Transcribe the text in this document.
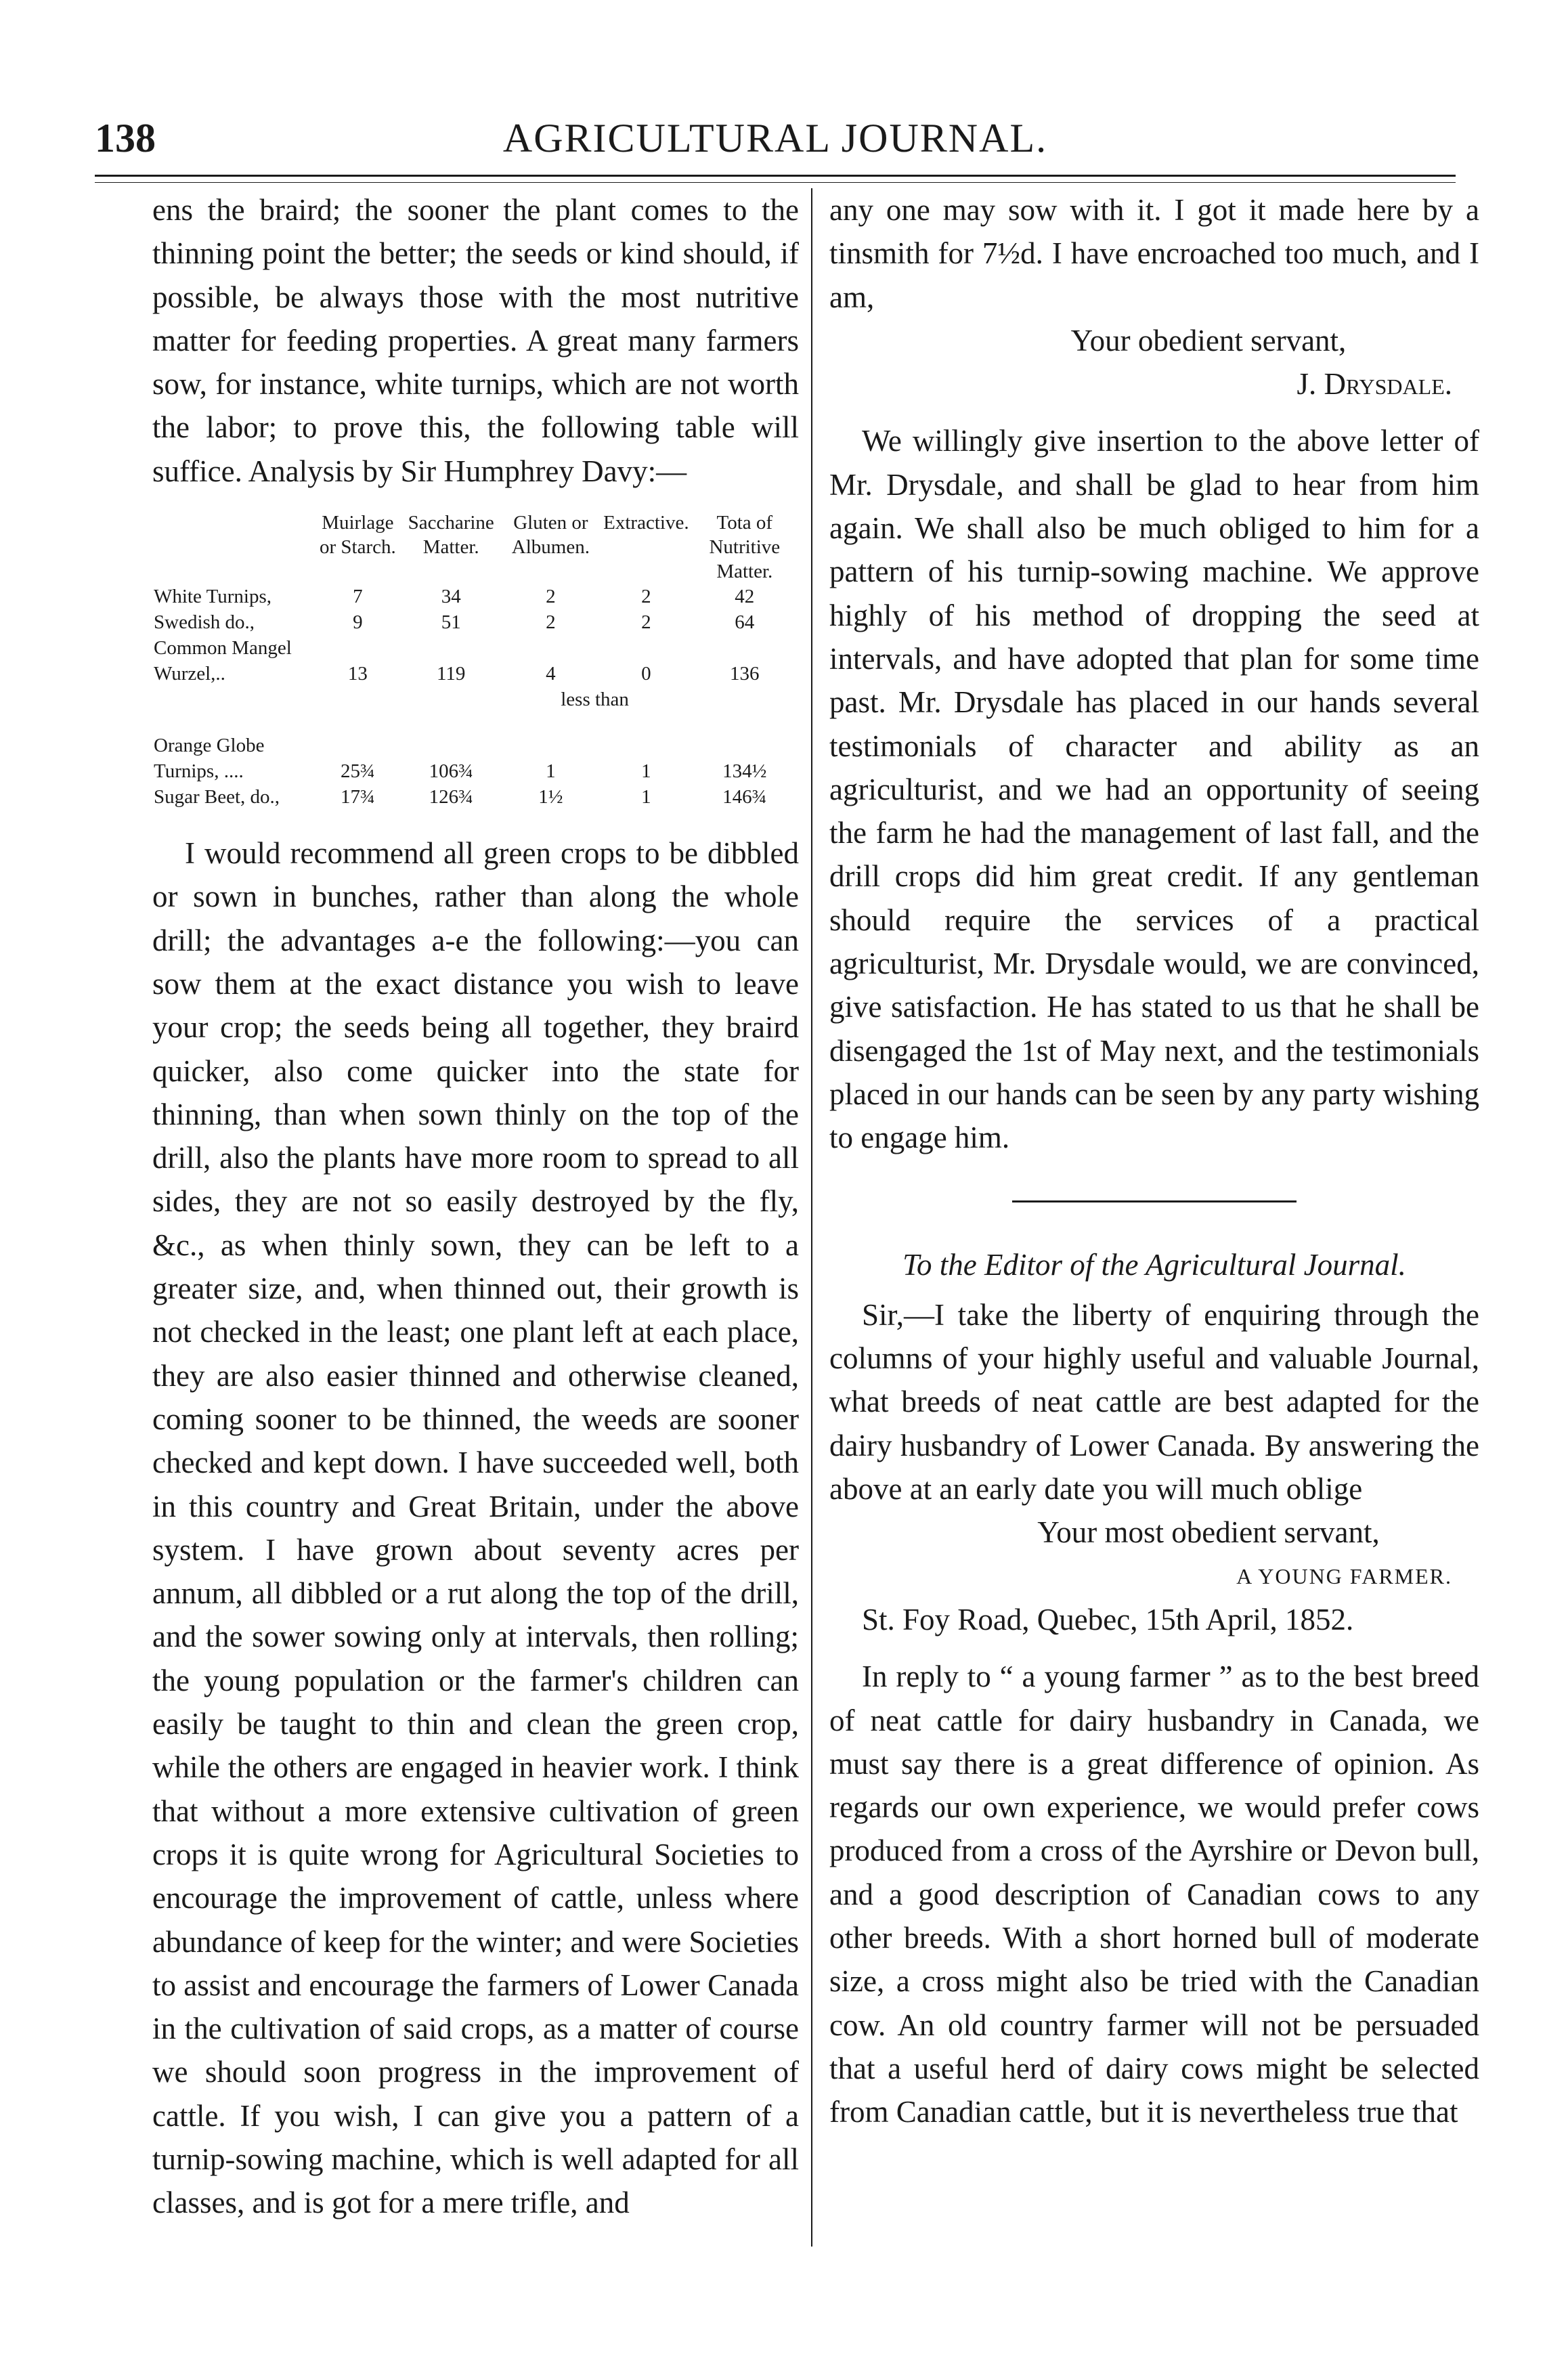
138	AGRICULTURAL JOURNAL.

ens the braird; the sooner the plant comes to the thinning point the better; the seeds or kind should, if possible, be always those with the most nutritive matter for feeding properties. A great many farmers sow, for instance, white turnips, which are not worth the labor; to prove this, the following table will suffice. Analysis by Sir Humphrey Davy:—

	Muirlage or Starch.	Saccharine Matter.	Gluten or Albumen.	Extractive.	Tota of Nutritive Matter.
White Turnips,	7	34	2	2	42
Swedish do.,	9	51	2	2	64
Common Mangel Wurzel,..	13	119	4	0	136
			less than		

Orange Globe Turnips, ....	25¾	106¾	1	1	134½
Sugar Beet, do.,	17¾	126¾	1½	1	146¾

I would recommend all green crops to be dibbled or sown in bunches, rather than along the whole drill; the advantages a-e the following:—you can sow them at the exact distance you wish to leave your crop; the seeds being all together, they braird quicker, also come quicker into the state for thinning, than when sown thinly on the top of the drill, also the plants have more room to spread to all sides, they are not so easily destroyed by the fly, &c., as when thinly sown, they can be left to a greater size, and, when thinned out, their growth is not checked in the least; one plant left at each place, they are also easier thinned and otherwise cleaned, coming sooner to be thinned, the weeds are sooner checked and kept down. I have succeeded well, both in this country and Great Britain, under the above system. I have grown about seventy acres per annum, all dibbled or a rut along the top of the drill, and the sower sowing only at intervals, then rolling; the young population or the farmer's children can easily be taught to thin and clean the green crop, while the others are engaged in heavier work. I think that without a more extensive cultivation of green crops it is quite wrong for Agricultural Societies to encourage the improvement of cattle, unless where abundance of keep for the winter; and were Societies to assist and encourage the farmers of Lower Canada in the cultivation of said crops, as a matter of course we should soon progress in the improvement of cattle. If you wish, I can give you a pattern of a turnip-sowing machine, which is well adapted for all classes, and is got for a mere trifle, and

any one may sow with it. I got it made here by a tinsmith for 7½d. I have encroached too much, and I am,

Your obedient servant,

J. Drysdale.

We willingly give insertion to the above letter of Mr. Drysdale, and shall be glad to hear from him again. We shall also be much obliged to him for a pattern of his turnip-sowing machine. We approve highly of his method of dropping the seed at intervals, and have adopted that plan for some time past. Mr. Drysdale has placed in our hands several testimonials of character and ability as an agriculturist, and we had an opportunity of seeing the farm he had the management of last fall, and the drill crops did him great credit. If any gentleman should require the services of a practical agriculturist, Mr. Drysdale would, we are convinced, give satisfaction. He has stated to us that he shall be disengaged the 1st of May next, and the testimonials placed in our hands can be seen by any party wishing to engage him.

To the Editor of the Agricultural Journal.

Sir,—I take the liberty of enquiring through the columns of your highly useful and valuable Journal, what breeds of neat cattle are best adapted for the dairy husbandry of Lower Canada. By answering the above at an early date you will much oblige

Your most obedient servant,

A YOUNG FARMER.

St. Foy Road, Quebec, 15th April, 1852.

In reply to “ a young farmer ” as to the best breed of neat cattle for dairy husbandry in Canada, we must say there is a great difference of opinion. As regards our own experience, we would prefer cows produced from a cross of the Ayrshire or Devon bull, and a good description of Canadian cows to any other breeds. With a short horned bull of moderate size, a cross might also be tried with the Canadian cow. An old country farmer will not be persuaded that a useful herd of dairy cows might be selected from Canadian cattle, but it is nevertheless true that
